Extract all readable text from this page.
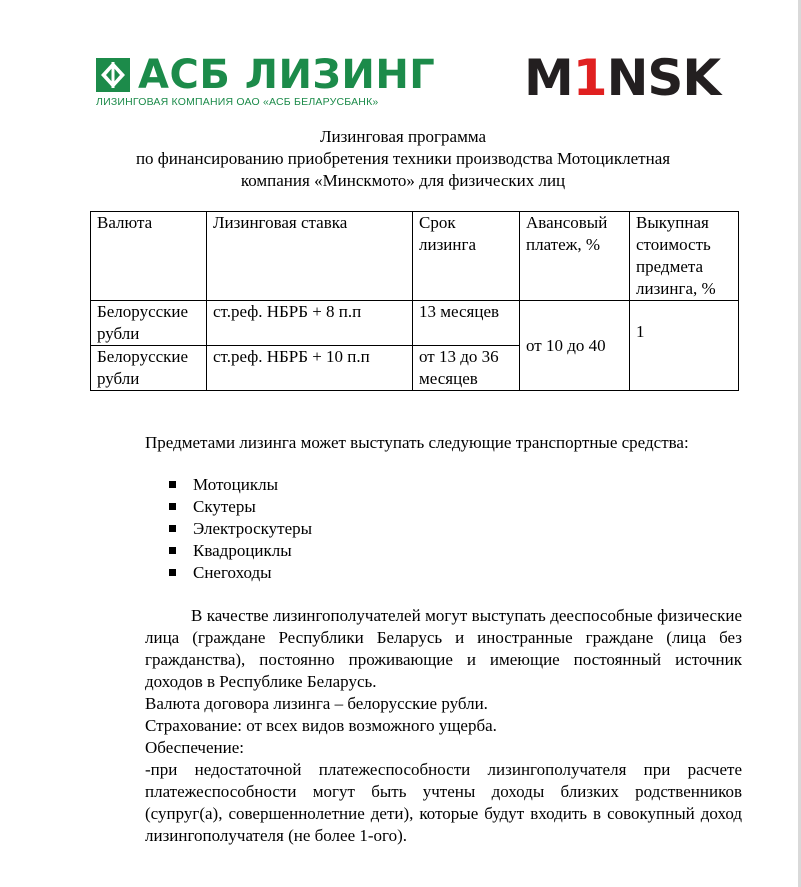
АСБ ЛИЗИНГ
ЛИЗИНГОВАЯ КОМПАНИЯ ОАО «АСБ БЕЛАРУСБАНК»	M1NSK
Лизинговая программа
по финансированию приобретения техники производства Мотоциклетная
компания «Минскмото» для физических лиц
Валюта	Лизинговая ставка	Срок лизинга	Авансовый платеж, %	Выкупная стоимость предмета лизинга, %
Белорусские рубли	ст.реф. НБРБ + 8 п.п	13 месяцев	от 10 до 40	1
Белорусские рубли	ст.реф. НБРБ + 10 п.п	от 13 до 36 месяцев		
Предметами лизинга может выступать следующие транспортные средства:
Мотоциклы
Скутеры
Электроскутеры
Квадроциклы
Снегоходы
В качестве лизингополучателей могут выступать дееспособные физические лица (граждане Республики Беларусь и иностранные граждане (лица без гражданства), постоянно проживающие и имеющие постоянный источник доходов в Республике Беларусь.
Валюта договора лизинга – белорусские рубли.
Страхование: от всех видов возможного ущерба.
Обеспечение:
-при недостаточной платежеспособности лизингополучателя при расчете платежеспособности могут быть учтены доходы близких родственников (супруг(а), совершеннолетние дети), которые будут входить в совокупный доход лизингополучателя (не более 1-ого).
